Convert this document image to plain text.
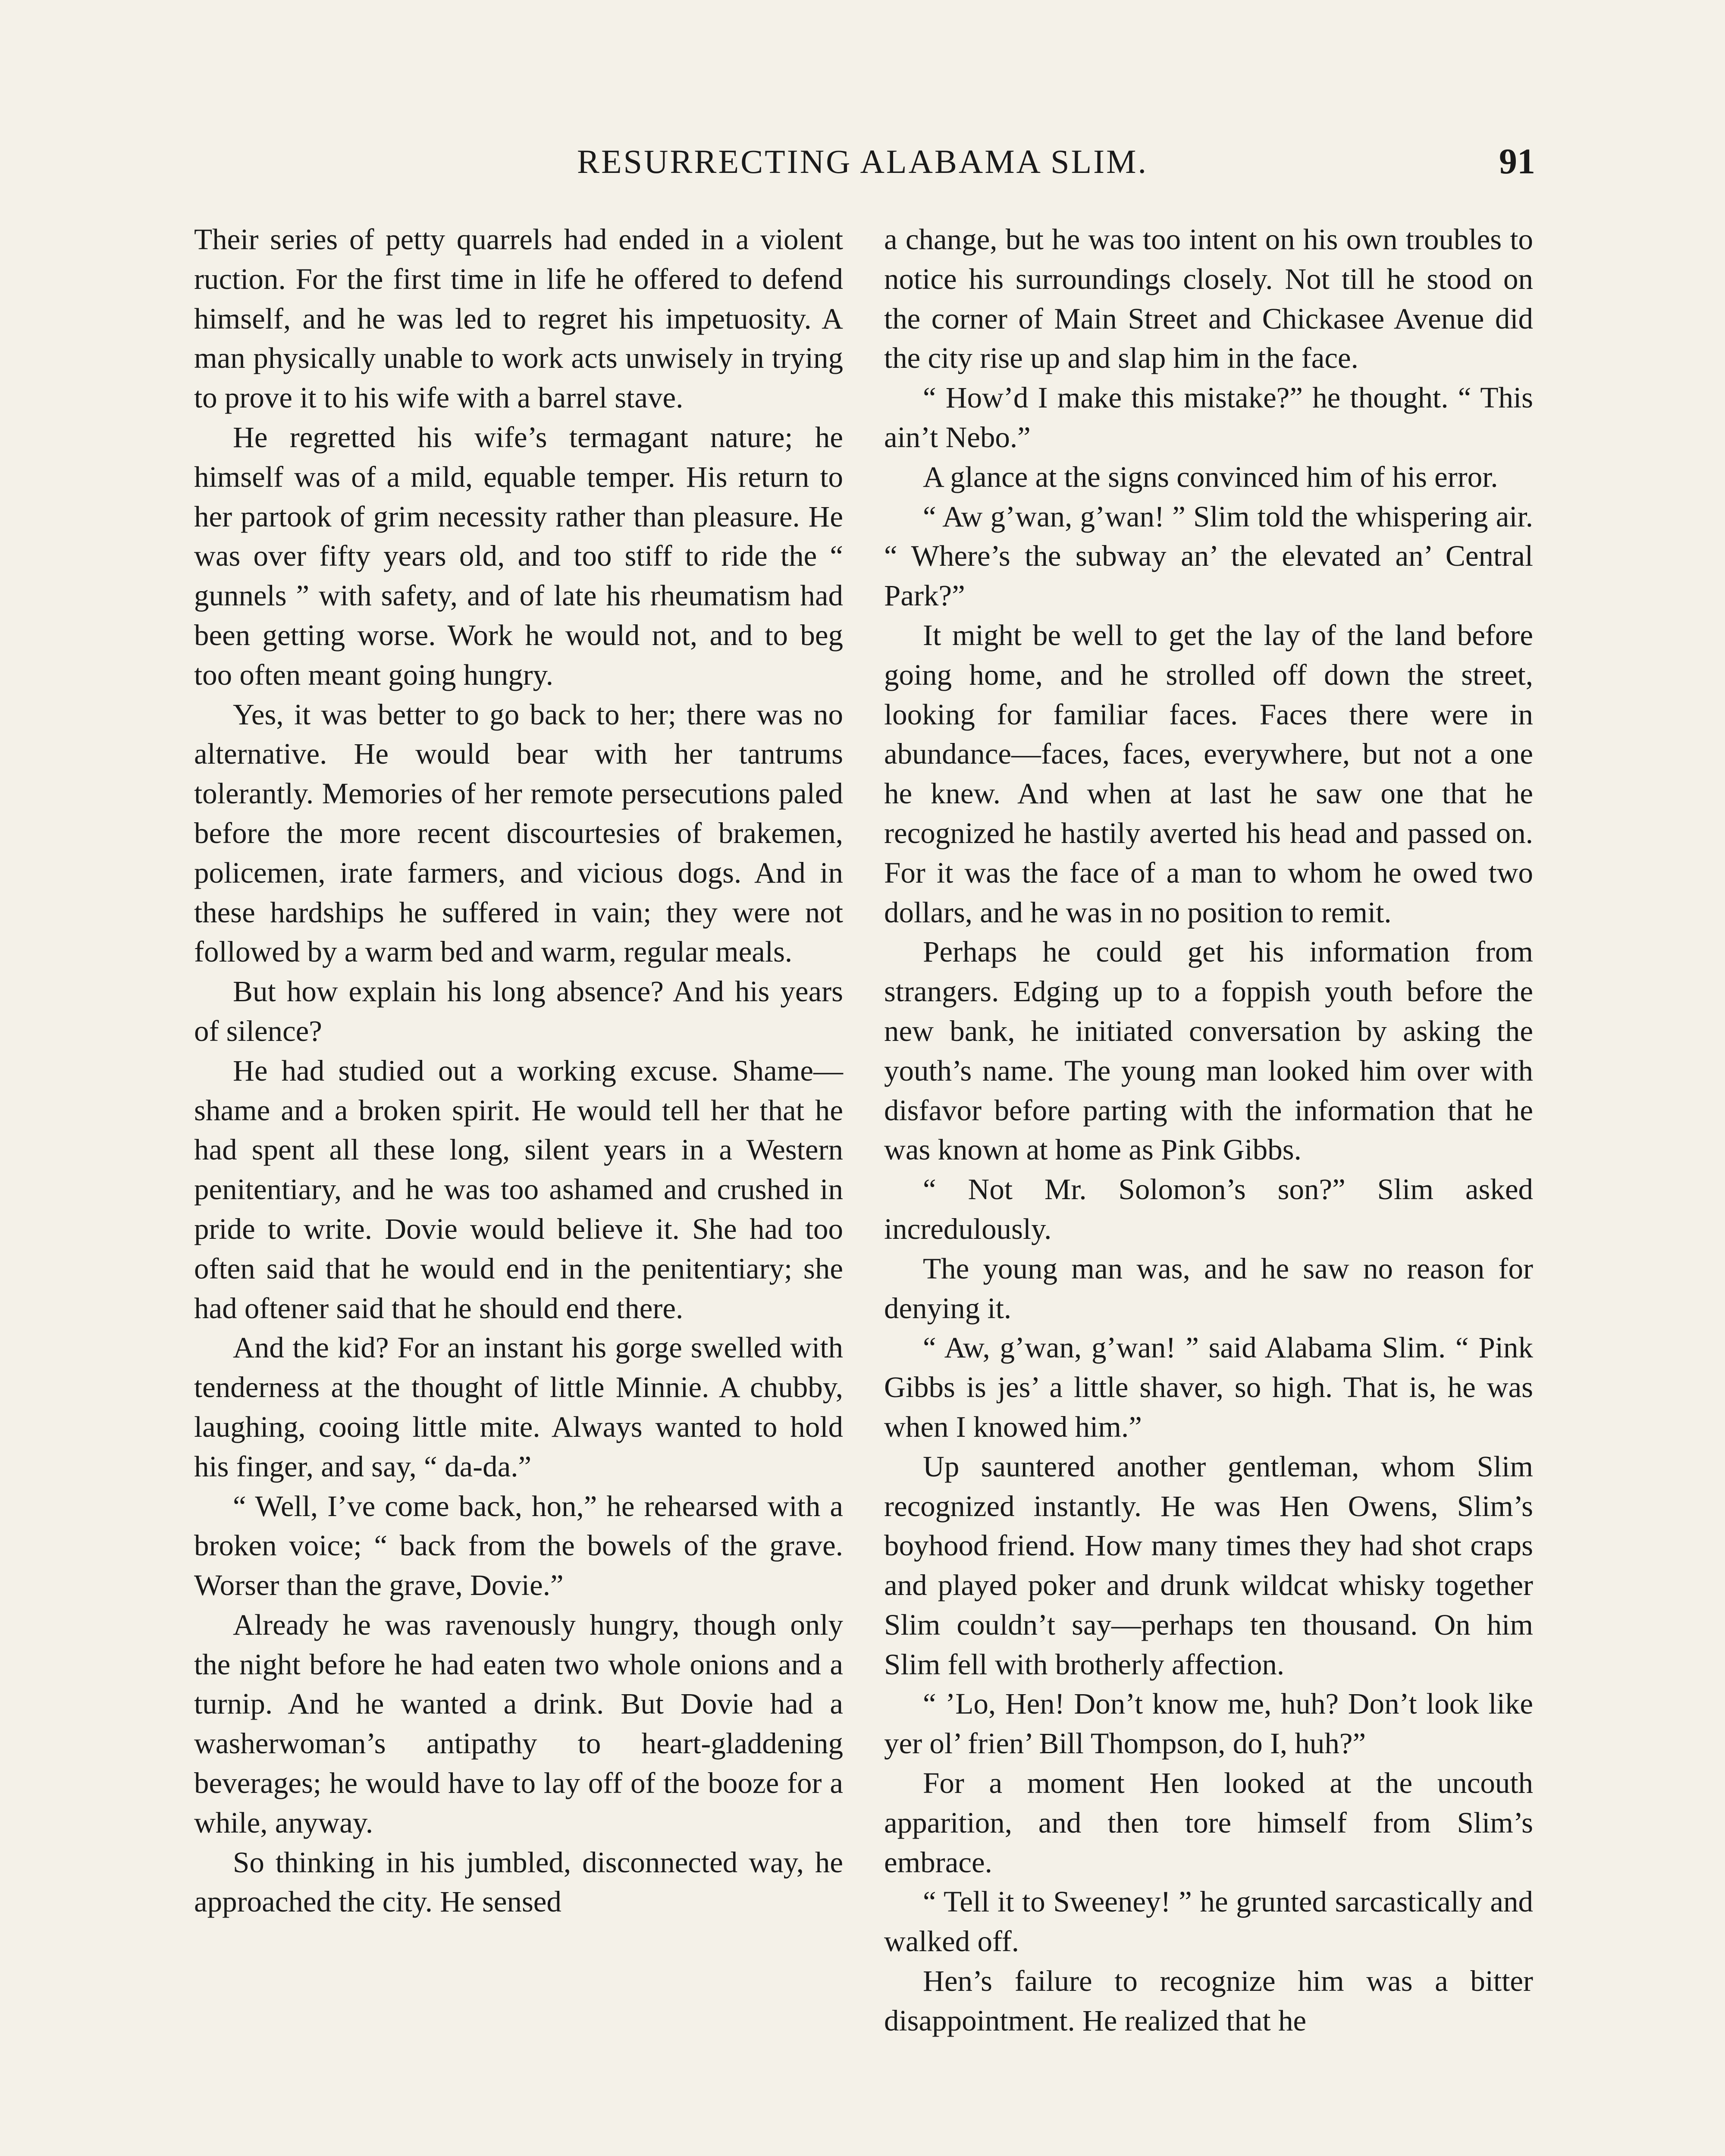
RESURRECTING ALABAMA SLIM.	91

Their series of petty quarrels had ended in a violent ruction. For the first time in life he offered to defend himself, and he was led to regret his impetuosity. A man physically unable to work acts unwisely in trying to prove it to his wife with a barrel stave.

He regretted his wife’s termagant nature; he himself was of a mild, equable temper. His return to her partook of grim necessity rather than pleasure. He was over fifty years old, and too stiff to ride the “ gunnels ” with safety, and of late his rheumatism had been getting worse. Work he would not, and to beg too often meant going hungry.

Yes, it was better to go back to her; there was no alternative. He would bear with her tantrums tolerantly. Memories of her remote persecutions paled before the more recent discourtesies of brakemen, policemen, irate farmers, and vicious dogs. And in these hardships he suffered in vain; they were not followed by a warm bed and warm, regular meals.

But how explain his long absence? And his years of silence?

He had studied out a working excuse. Shame—shame and a broken spirit. He would tell her that he had spent all these long, silent years in a Western penitentiary, and he was too ashamed and crushed in pride to write. Dovie would believe it. She had too often said that he would end in the penitentiary; she had oftener said that he should end there.

And the kid? For an instant his gorge swelled with tenderness at the thought of little Minnie. A chubby, laughing, cooing little mite. Always wanted to hold his finger, and say, “ da-da.”

“ Well, I’ve come back, hon,” he rehearsed with a broken voice; “ back from the bowels of the grave. Worser than the grave, Dovie.”

Already he was ravenously hungry, though only the night before he had eaten two whole onions and a turnip. And he wanted a drink. But Dovie had a washerwoman’s antipathy to heart-gladdening beverages; he would have to lay off of the booze for a while, anyway.

So thinking in his jumbled, disconnected way, he approached the city. He sensed

a change, but he was too intent on his own troubles to notice his surroundings closely. Not till he stood on the corner of Main Street and Chickasee Avenue did the city rise up and slap him in the face.

“ How’d I make this mistake?” he thought. “ This ain’t Nebo.”

A glance at the signs convinced him of his error.

“ Aw g’wan, g’wan! ” Slim told the whispering air. “ Where’s the subway an’ the elevated an’ Central Park?”

It might be well to get the lay of the land before going home, and he strolled off down the street, looking for familiar faces. Faces there were in abundance—faces, faces, everywhere, but not a one he knew. And when at last he saw one that he recognized he hastily averted his head and passed on. For it was the face of a man to whom he owed two dollars, and he was in no position to remit.

Perhaps he could get his information from strangers. Edging up to a foppish youth before the new bank, he initiated conversation by asking the youth’s name. The young man looked him over with disfavor before parting with the information that he was known at home as Pink Gibbs.

“ Not Mr. Solomon’s son?” Slim asked incredulously.

The young man was, and he saw no reason for denying it.

“ Aw, g’wan, g’wan! ” said Alabama Slim. “ Pink Gibbs is jes’ a little shaver, so high. That is, he was when I knowed him.”

Up sauntered another gentleman, whom Slim recognized instantly. He was Hen Owens, Slim’s boyhood friend. How many times they had shot craps and played poker and drunk wildcat whisky together Slim couldn’t say—perhaps ten thousand. On him Slim fell with brotherly affection.

“ ’Lo, Hen! Don’t know me, huh? Don’t look like yer ol’ frien’ Bill Thompson, do I, huh?”

For a moment Hen looked at the uncouth apparition, and then tore himself from Slim’s embrace.

“ Tell it to Sweeney! ” he grunted sarcastically and walked off.

Hen’s failure to recognize him was a bitter disappointment. He realized that he
